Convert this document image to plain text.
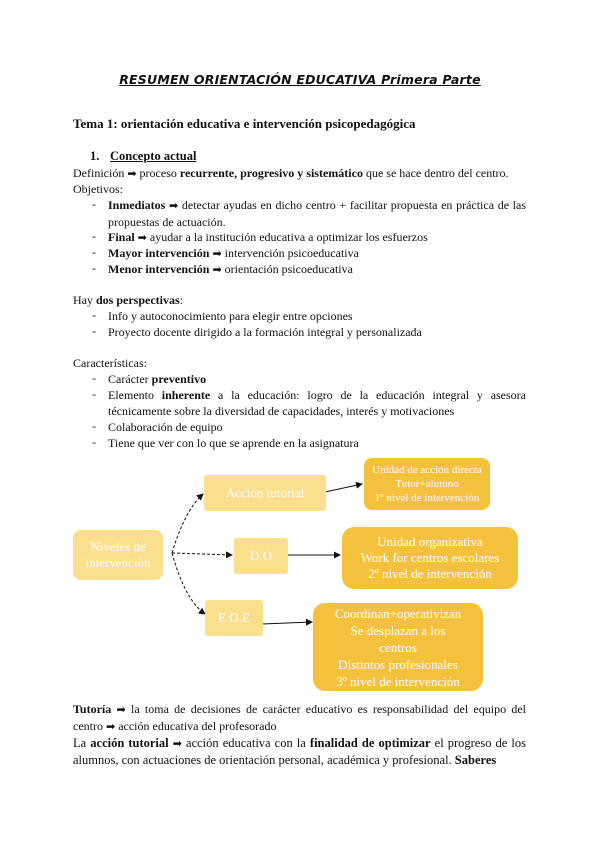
RESUMEN ORIENTACIÓN EDUCATIVA Primera Parte
Tema 1: orientación educativa e intervención psicopedagógica
1. Concepto actual
Definición ➡ proceso recurrente, progresivo y sistemático que se hace dentro del centro.
Objetivos:
- Inmediatos ➡ detectar ayudas en dicho centro + facilitar propuesta en práctica de las propuestas de actuación.
- Final ➡ ayudar a la institución educativa a optimizar los esfuerzos
- Mayor intervención ➡ intervención psicoeducativa
- Menor intervención ➡ orientación psicoeducativa
Hay dos perspectivas:
- Info y autoconocimiento para elegir entre opciones
- Proyecto docente dirigido a la formación integral y personalizada
Características:
- Carácter preventivo
- Elemento inherente a la educación: logro de la educación integral y asesora técnicamente sobre la diversidad de capacidades, interés y motivaciones
- Colaboración de equipo
- Tiene que ver con lo que se aprende en la asignatura
Niveles de
intervención
Acción tutorial
D.O
E.O.E
Unidad de acción directa
Tutor+alumno
1º nivel de intervención
Unidad organizativa
Work for centros escolares
2º nivel de intervención
Coordinan+operativizan
Se desplazan a los
centros
Distintos profesionales
3º nivel de intervención
Tutoría ➡ la toma de decisiones de carácter educativo es responsabilidad del equipo del centro ➡ acción educativa del profesorado
La acción tutorial ➡ acción educativa con la finalidad de optimizar el progreso de los alumnos, con actuaciones de orientación personal, académica y profesional. Saberes
